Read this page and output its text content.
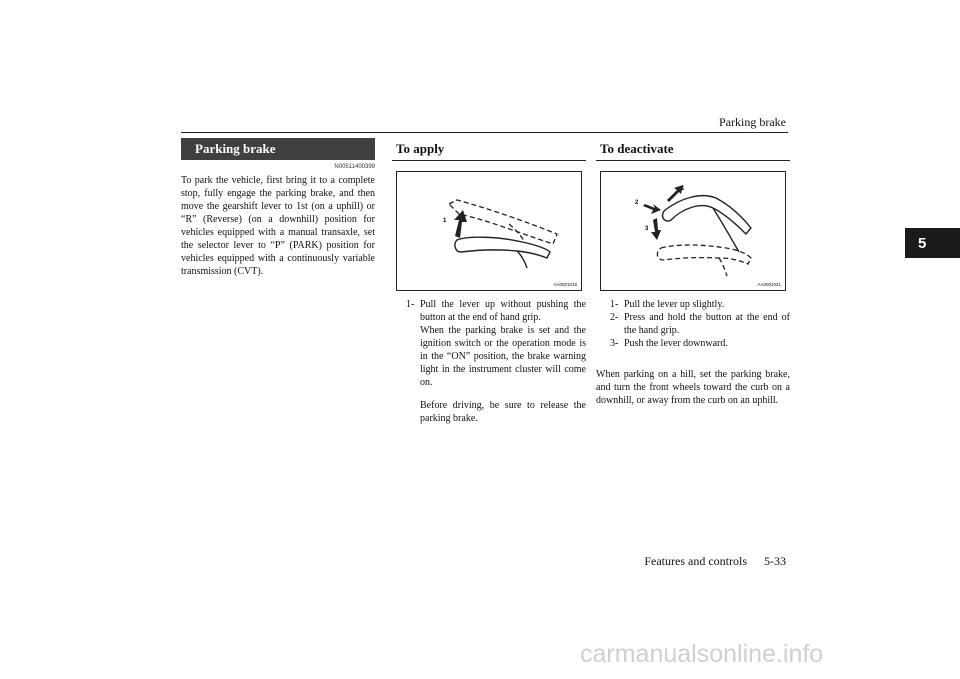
Parking brake
5
Parking brake
N00511400399
To park the vehicle, first bring it to a complete stop, fully engage the parking brake, and then move the gearshift lever to 1st (on a uphill) or “R” (Reverse) (on a downhill) position for vehicles equipped with a manual transaxle, set the selector lever to “P” (PARK) position for vehicles equipped with a continuously variable transmission (CVT).
To apply
1
AA0001018
1- Pull the lever up without pushing the button at the end of hand grip.
When the parking brake is set and the ignition switch or the operation mode is in the “ON” position, the brake warning light in the instrument cluster will come on.
Before driving, be sure to release the parking brake.
To deactivate
1
2
3
AA0001021
1- Pull the lever up slightly.
2- Press and hold the button at the end of the hand grip.
3- Push the lever downward.
When parking on a hill, set the parking brake, and turn the front wheels toward the curb on a downhill, or away from the curb on an uphill.
Features and controls 5-33
carmanualsonline.info
